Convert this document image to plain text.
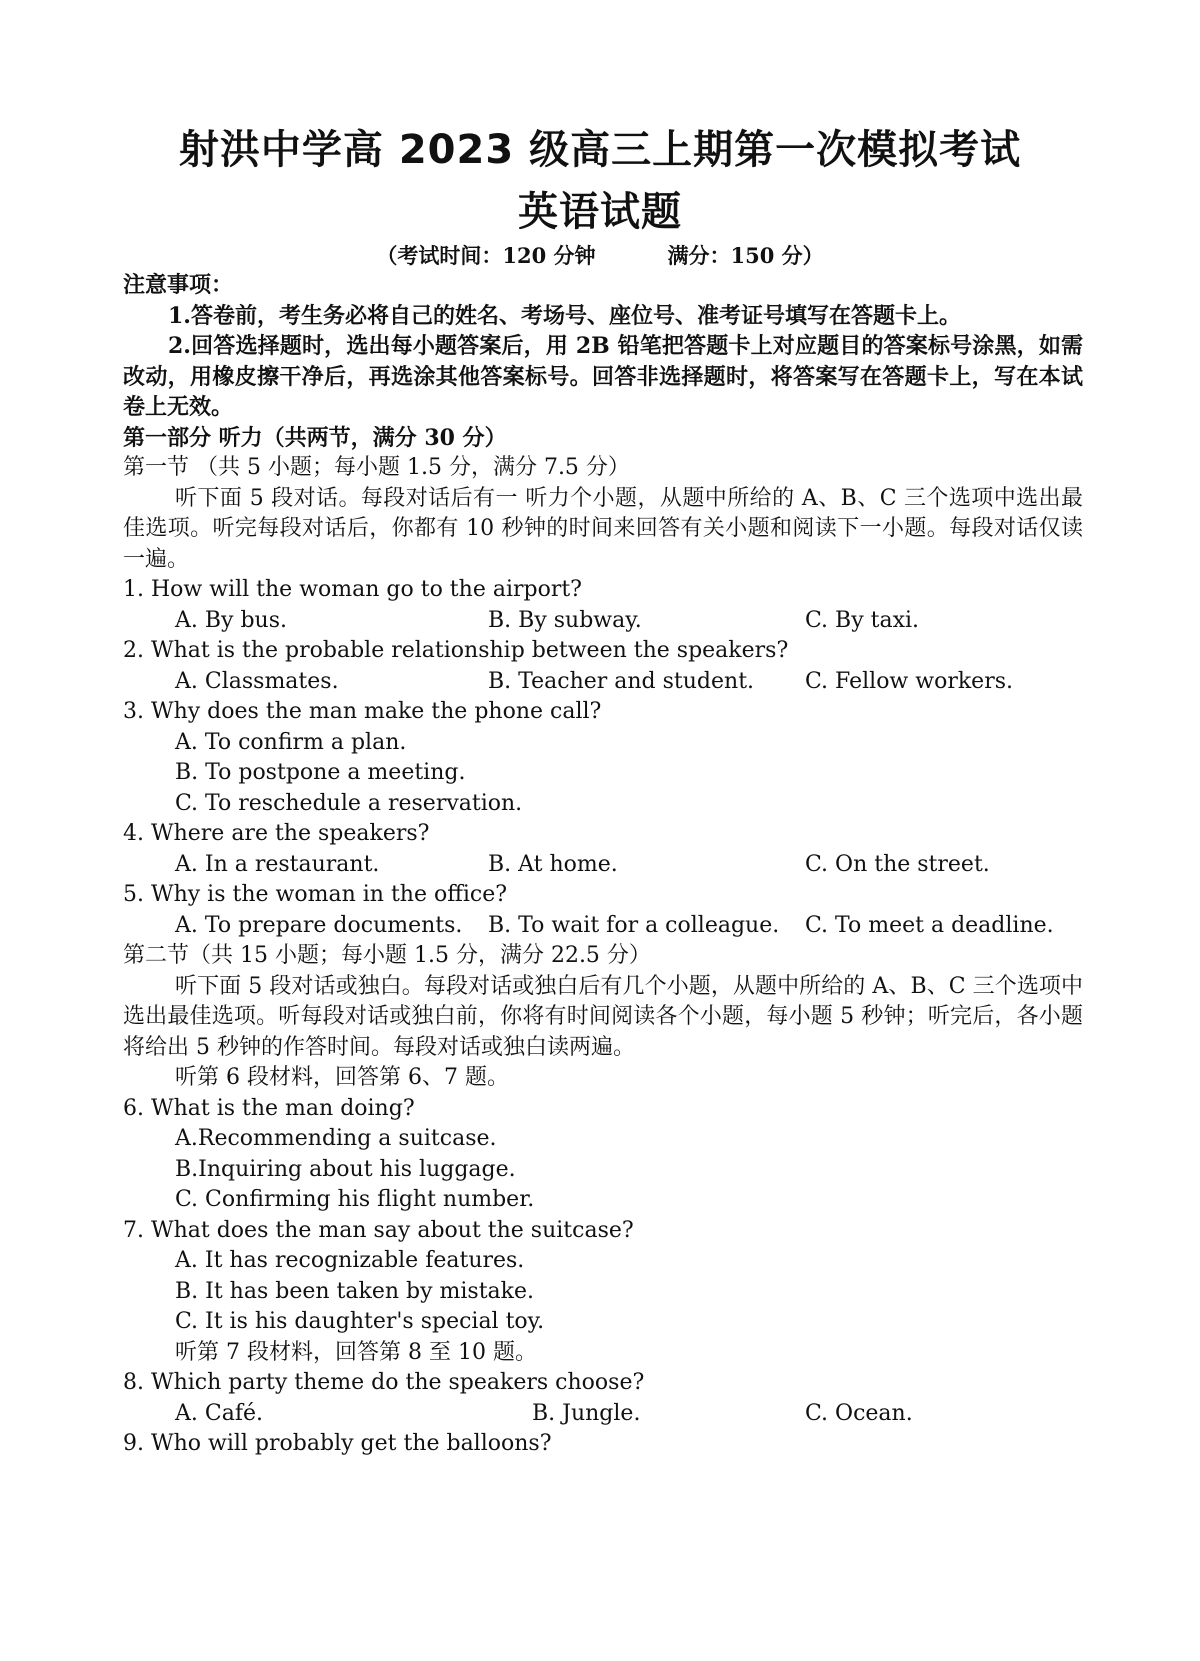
射洪中学高 2023 级高三上期第一次模拟考试
英语试题
（考试时间：120 分钟	满分：150 分）
注意事项：
1.答卷前，考生务必将自己的姓名、考场号、座位号、准考证号填写在答题卡上。
2.回答选择题时，选出每小题答案后，用 2B 铅笔把答题卡上对应题目的答案标号涂黑，如需改动，用橡皮擦干净后，再选涂其他答案标号。回答非选择题时，将答案写在答题卡上，写在本试卷上无效。
第一部分 听力（共两节，满分 30 分）
第一节 （共 5 小题；每小题 1.5 分，满分 7.5 分）
听下面 5 段对话。每段对话后有一 听力个小题，从题中所给的 A、B、C 三个选项中选出最佳选项。听完每段对话后，你都有 10 秒钟的时间来回答有关小题和阅读下一小题。每段对话仅读一遍。
1. How will the woman go to the airport?
A. By bus.	B. By subway.	C. By taxi.
2. What is the probable relationship between the speakers?
A. Classmates.	B. Teacher and student.	C. Fellow workers.
3. Why does the man make the phone call?
A. To confirm a plan.
B. To postpone a meeting.
C. To reschedule a reservation.
4. Where are the speakers?
A. In a restaurant.	B. At home.	C. On the street.
5. Why is the woman in the office?
A. To prepare documents.	B. To wait for a colleague.	C. To meet a deadline.
第二节（共 15 小题；每小题 1.5 分，满分 22.5 分）
听下面 5 段对话或独白。每段对话或独白后有几个小题，从题中所给的 A、B、C 三个选项中选出最佳选项。听每段对话或独白前，你将有时间阅读各个小题，每小题 5 秒钟；听完后，各小题将给出 5 秒钟的作答时间。每段对话或独白读两遍。
听第 6 段材料，回答第 6、7 题。
6. What is the man doing?
A.Recommending a suitcase.
B.Inquiring about his luggage.
C. Confirming his flight number.
7. What does the man say about the suitcase?
A. It has recognizable features.
B. It has been taken by mistake.
C. It is his daughter's special toy.
听第 7 段材料，回答第 8 至 10 题。
8. Which party theme do the speakers choose?
A. Café.	B. Jungle.	C. Ocean.
9. Who will probably get the balloons?
